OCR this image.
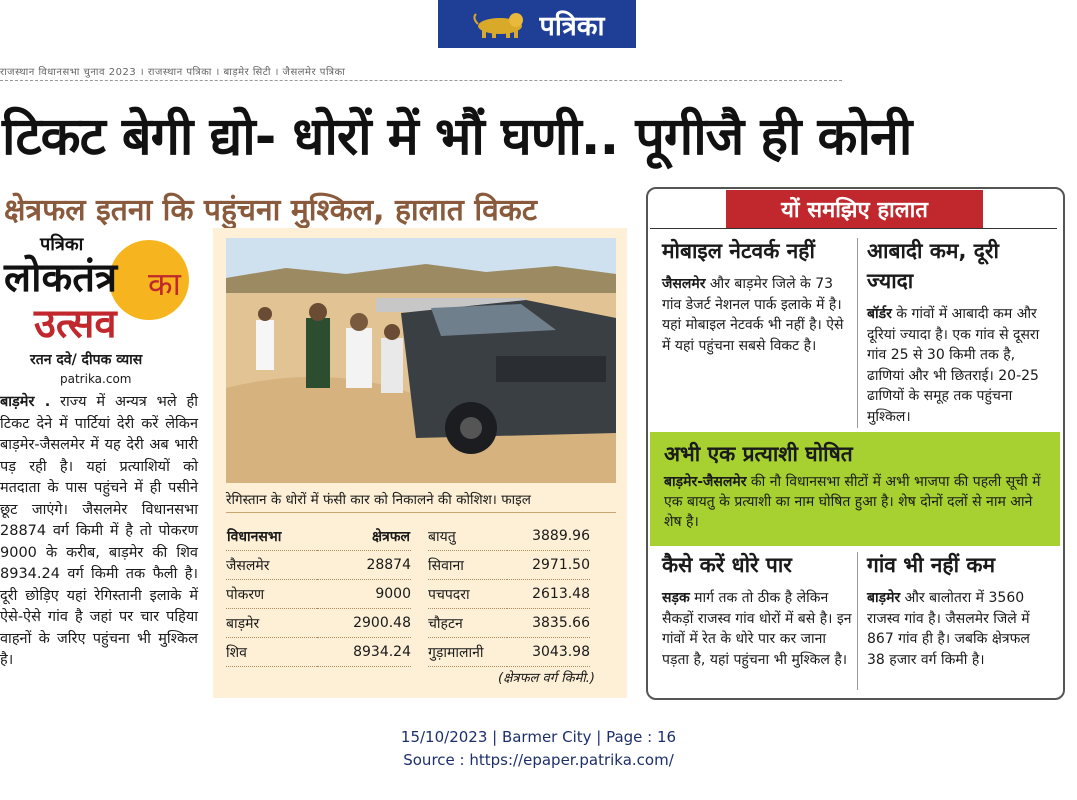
पत्रिका
राजस्थान विधानसभा चुनाव 2023 । राजस्थान पत्रिका । बाड़मेर सिटी । जैसलमेर पत्रिका
टिकट बेगी द्यो- धोरों में भौं घणी.. पूगीजै ही कोनी
क्षेत्रफल इतना कि पहुंचना मुश्किल, हालात विकट
पत्रिका
लोकतंत्र का
उत्सव
रतन दवे/ दीपक व्यास
patrika.com
बाड़मेर . राज्य में अन्यत्र भले ही टिकट देने में पार्टियां देरी करें लेकिन बाड़मेर-जैसलमेर में यह देरी अब भारी पड़ रही है। यहां प्रत्याशियों को मतदाता के पास पहुंचने में ही पसीने छूट जाएंगे। जैसलमेर विधानसभा 28874 वर्ग किमी में है तो पोकरण 9000 के करीब, बाड़मेर की शिव 8934.24 वर्ग किमी तक फैली है। दूरी छोड़िए यहां रेगिस्तानी इलाके में ऐसे-ऐसे गांव है जहां पर चार पहिया वाहनों के जरिए पहुंचना भी मुश्किल है।
रेगिस्तान के धोरों में फंसी कार को निकालने की कोशिश। फाइल
विधानसभा	क्षेत्रफल
जैसलमेर	28874
पोकरण	9000
बाड़मेर	2900.48
शिव	8934.24
बायतु	3889.96
सिवाना	2971.50
पचपदरा	2613.48
चौहटन	3835.66
गुड़ामालानी	3043.98
(क्षेत्रफल वर्ग किमी.)
यों समझिए हालात
मोबाइल नेटवर्क नहीं
जैसलमेर और बाड़मेर जिले के 73 गांव डेजर्ट नेशनल पार्क इलाके में है। यहां मोबाइल नेटवर्क भी नहीं है। ऐसे में यहां पहुंचना सबसे विकट है।
आबादी कम, दूरी ज्यादा
बॉर्डर के गांवों में आबादी कम और दूरियां ज्यादा है। एक गांव से दूसरा गांव 25 से 30 किमी तक है, ढाणियां और भी छितराई। 20-25 ढाणियों के समूह तक पहुंचना मुश्किल।
अभी एक प्रत्याशी घोषित

बाड़मेर-जैसलमेर की नौ विधानसभा सीटों में अभी भाजपा की पहली सूची में एक बायतु के प्रत्याशी का नाम घोषित हुआ है। शेष दोनों दलों से नाम आने शेष है।

कैसे करें धोरे पार
सड़क मार्ग तक तो ठीक है लेकिन सैकड़ों राजस्व गांव धोरों में बसे है। इन गांवों में रेत के धोरे पार कर जाना पड़ता है, यहां पहुंचना भी मुश्किल है।
गांव भी नहीं कम
बाड़मेर और बालोतरा में 3560 राजस्व गांव है। जैसलमेर जिले में 867 गांव ही है। जबकि क्षेत्रफल 38 हजार वर्ग किमी है।
15/10/2023 | Barmer City | Page : 16
Source : https://epaper.patrika.com/
